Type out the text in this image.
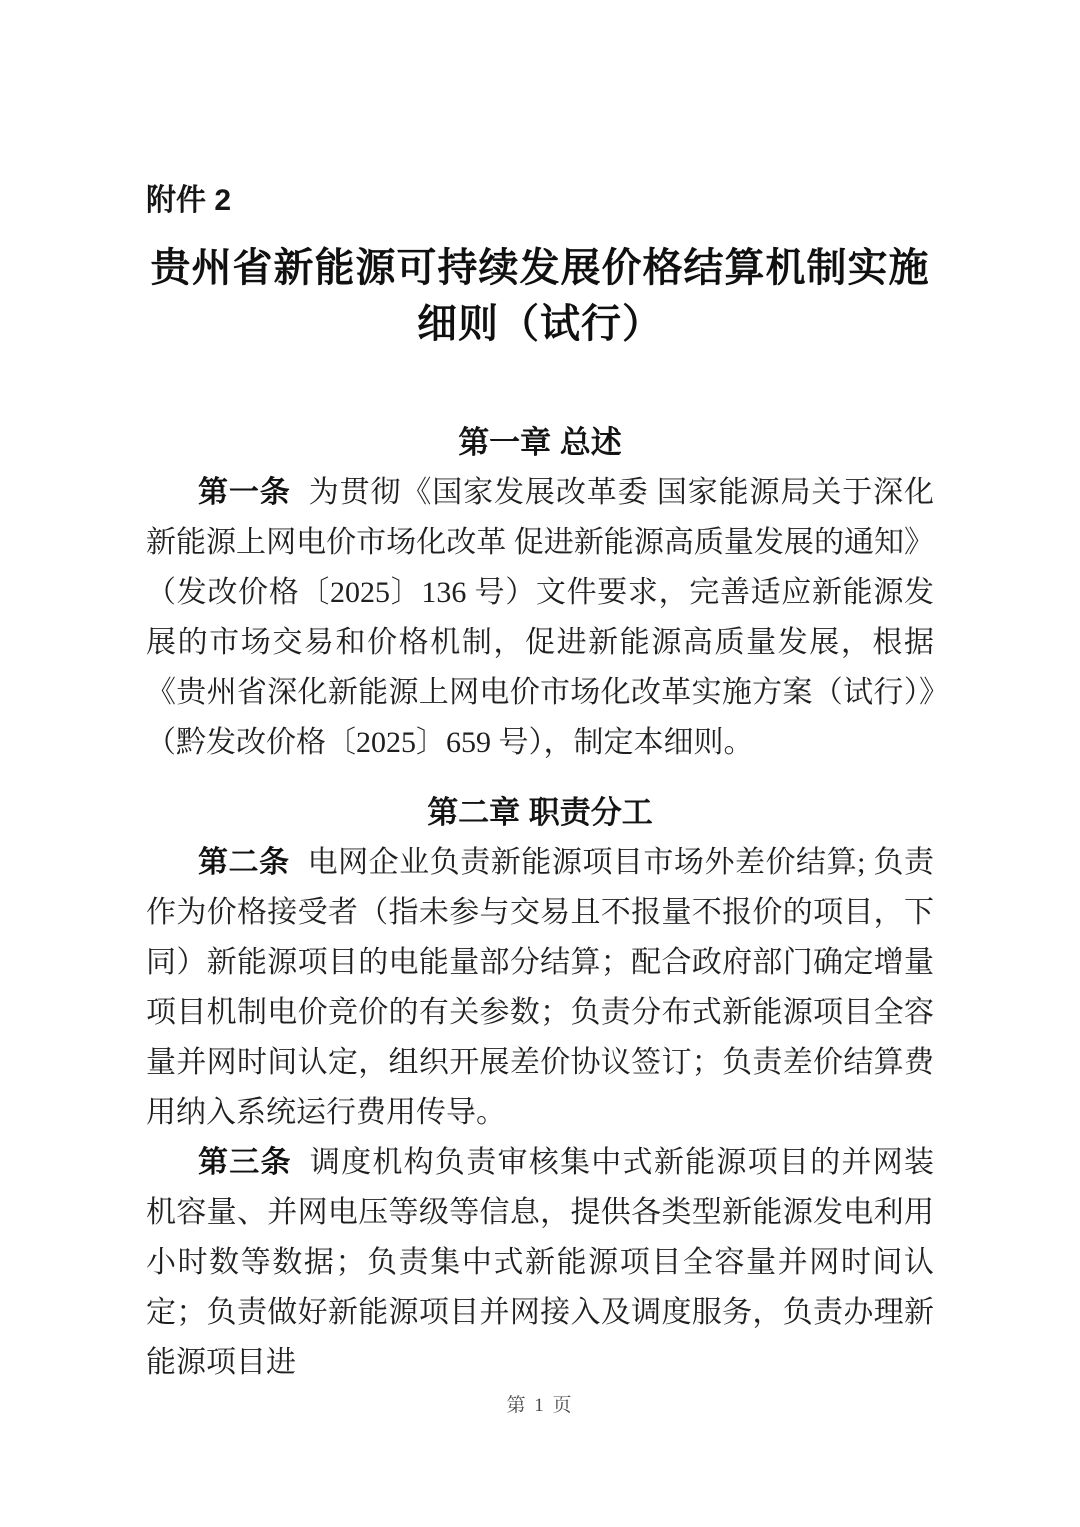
附件 2
贵州省新能源可持续发展价格结算机制实施
细则（试行）
第一章 总述

第一条 为贯彻《国家发展改革委 国家能源局关于深化新能源上网电价市场化改革 促进新能源高质量发展的通知》（发改价格〔2025〕136 号）文件要求，完善适应新能源发展的市场交易和价格机制，促进新能源高质量发展，根据《贵州省深化新能源上网电价市场化改革实施方案（试行）》（黔发改价格〔2025〕659 号），制定本细则。

第二章 职责分工

第二条 电网企业负责新能源项目市场外差价结算; 负责作为价格接受者（指未参与交易且不报量不报价的项目，下同）新能源项目的电能量部分结算；配合政府部门确定增量项目机制电价竞价的有关参数；负责分布式新能源项目全容量并网时间认定，组织开展差价协议签订；负责差价结算费用纳入系统运行费用传导。

第三条 调度机构负责审核集中式新能源项目的并网装机容量、并网电压等级等信息，提供各类型新能源发电利用小时数等数据；负责集中式新能源项目全容量并网时间认定；负责做好新能源项目并网接入及调度服务，负责办理新能源项目进

第 1 页
